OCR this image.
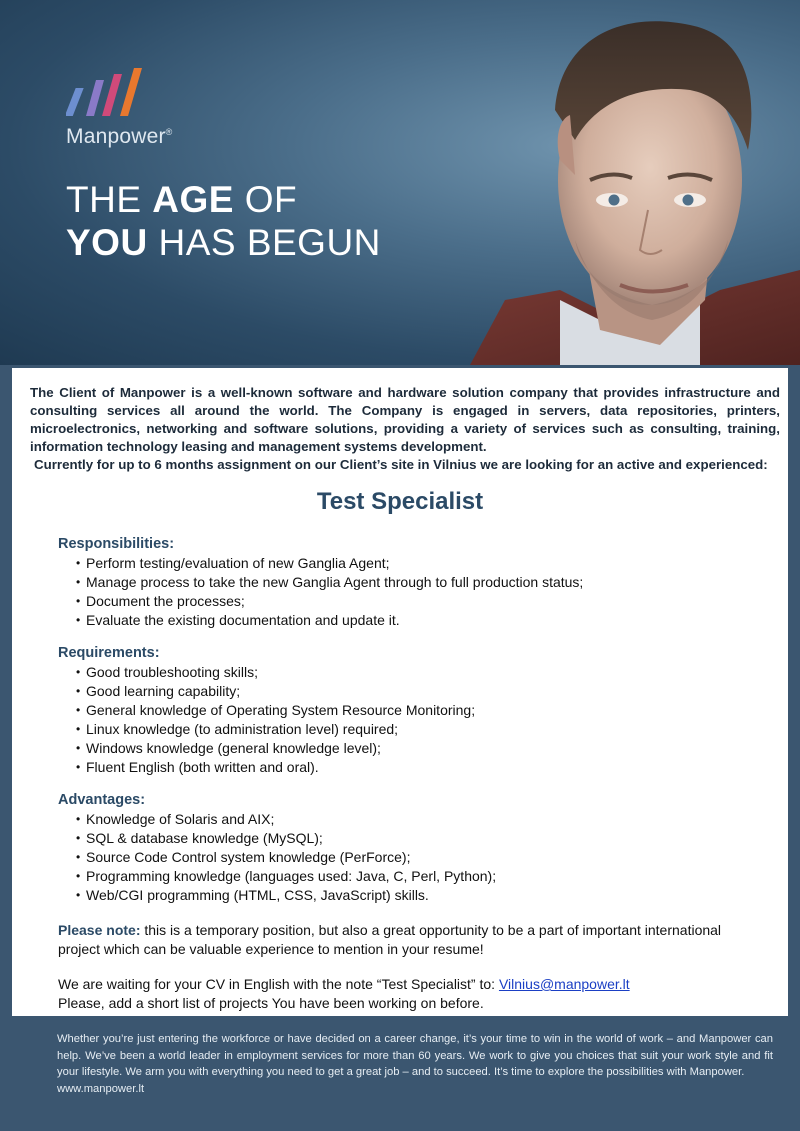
Manpower®
THE AGE OF
YOU HAS BEGUN
The Client of Manpower is a well-known software and hardware solution company that provides infrastructure and consulting services all around the world. The Company is engaged in servers, data repositories, printers, microelectronics, networking and software solutions, providing a variety of services such as consulting, training, information technology leasing and management systems development.
Currently for up to 6 months assignment on our Client’s site in Vilnius we are looking for an active and experienced:
Test Specialist
Responsibilities:
• Perform testing/evaluation of new Ganglia Agent;
• Manage process to take the new Ganglia Agent through to full production status;
• Document the processes;
• Evaluate the existing documentation and update it.
Requirements:
• Good troubleshooting skills;
• Good learning capability;
• General knowledge of Operating System Resource Monitoring;
• Linux knowledge (to administration level) required;
• Windows knowledge (general knowledge level);
• Fluent English (both written and oral).
Advantages:
• Knowledge of Solaris and AIX;
• SQL & database knowledge (MySQL);
• Source Code Control system knowledge (PerForce);
• Programming knowledge (languages used: Java, C, Perl, Python);
• Web/CGI programming (HTML, CSS, JavaScript) skills.
Please note: this is a temporary position, but also a great opportunity to be a part of important international project which can be valuable experience to mention in your resume!
We are waiting for your CV in English with the note “Test Specialist” to: Vilnius@manpower.lt
Please, add a short list of projects You have been working on before.
Whether you’re just entering the workforce or have decided on a career change, it’s your time to win in the world of work – and Manpower can help. We’ve been a world leader in employment services for more than 60 years. We work to give you choices that suit your work style and fit your lifestyle. We arm you with everything you need to get a great job – and to succeed. It’s time to explore the possibilities with Manpower.
www.manpower.lt
